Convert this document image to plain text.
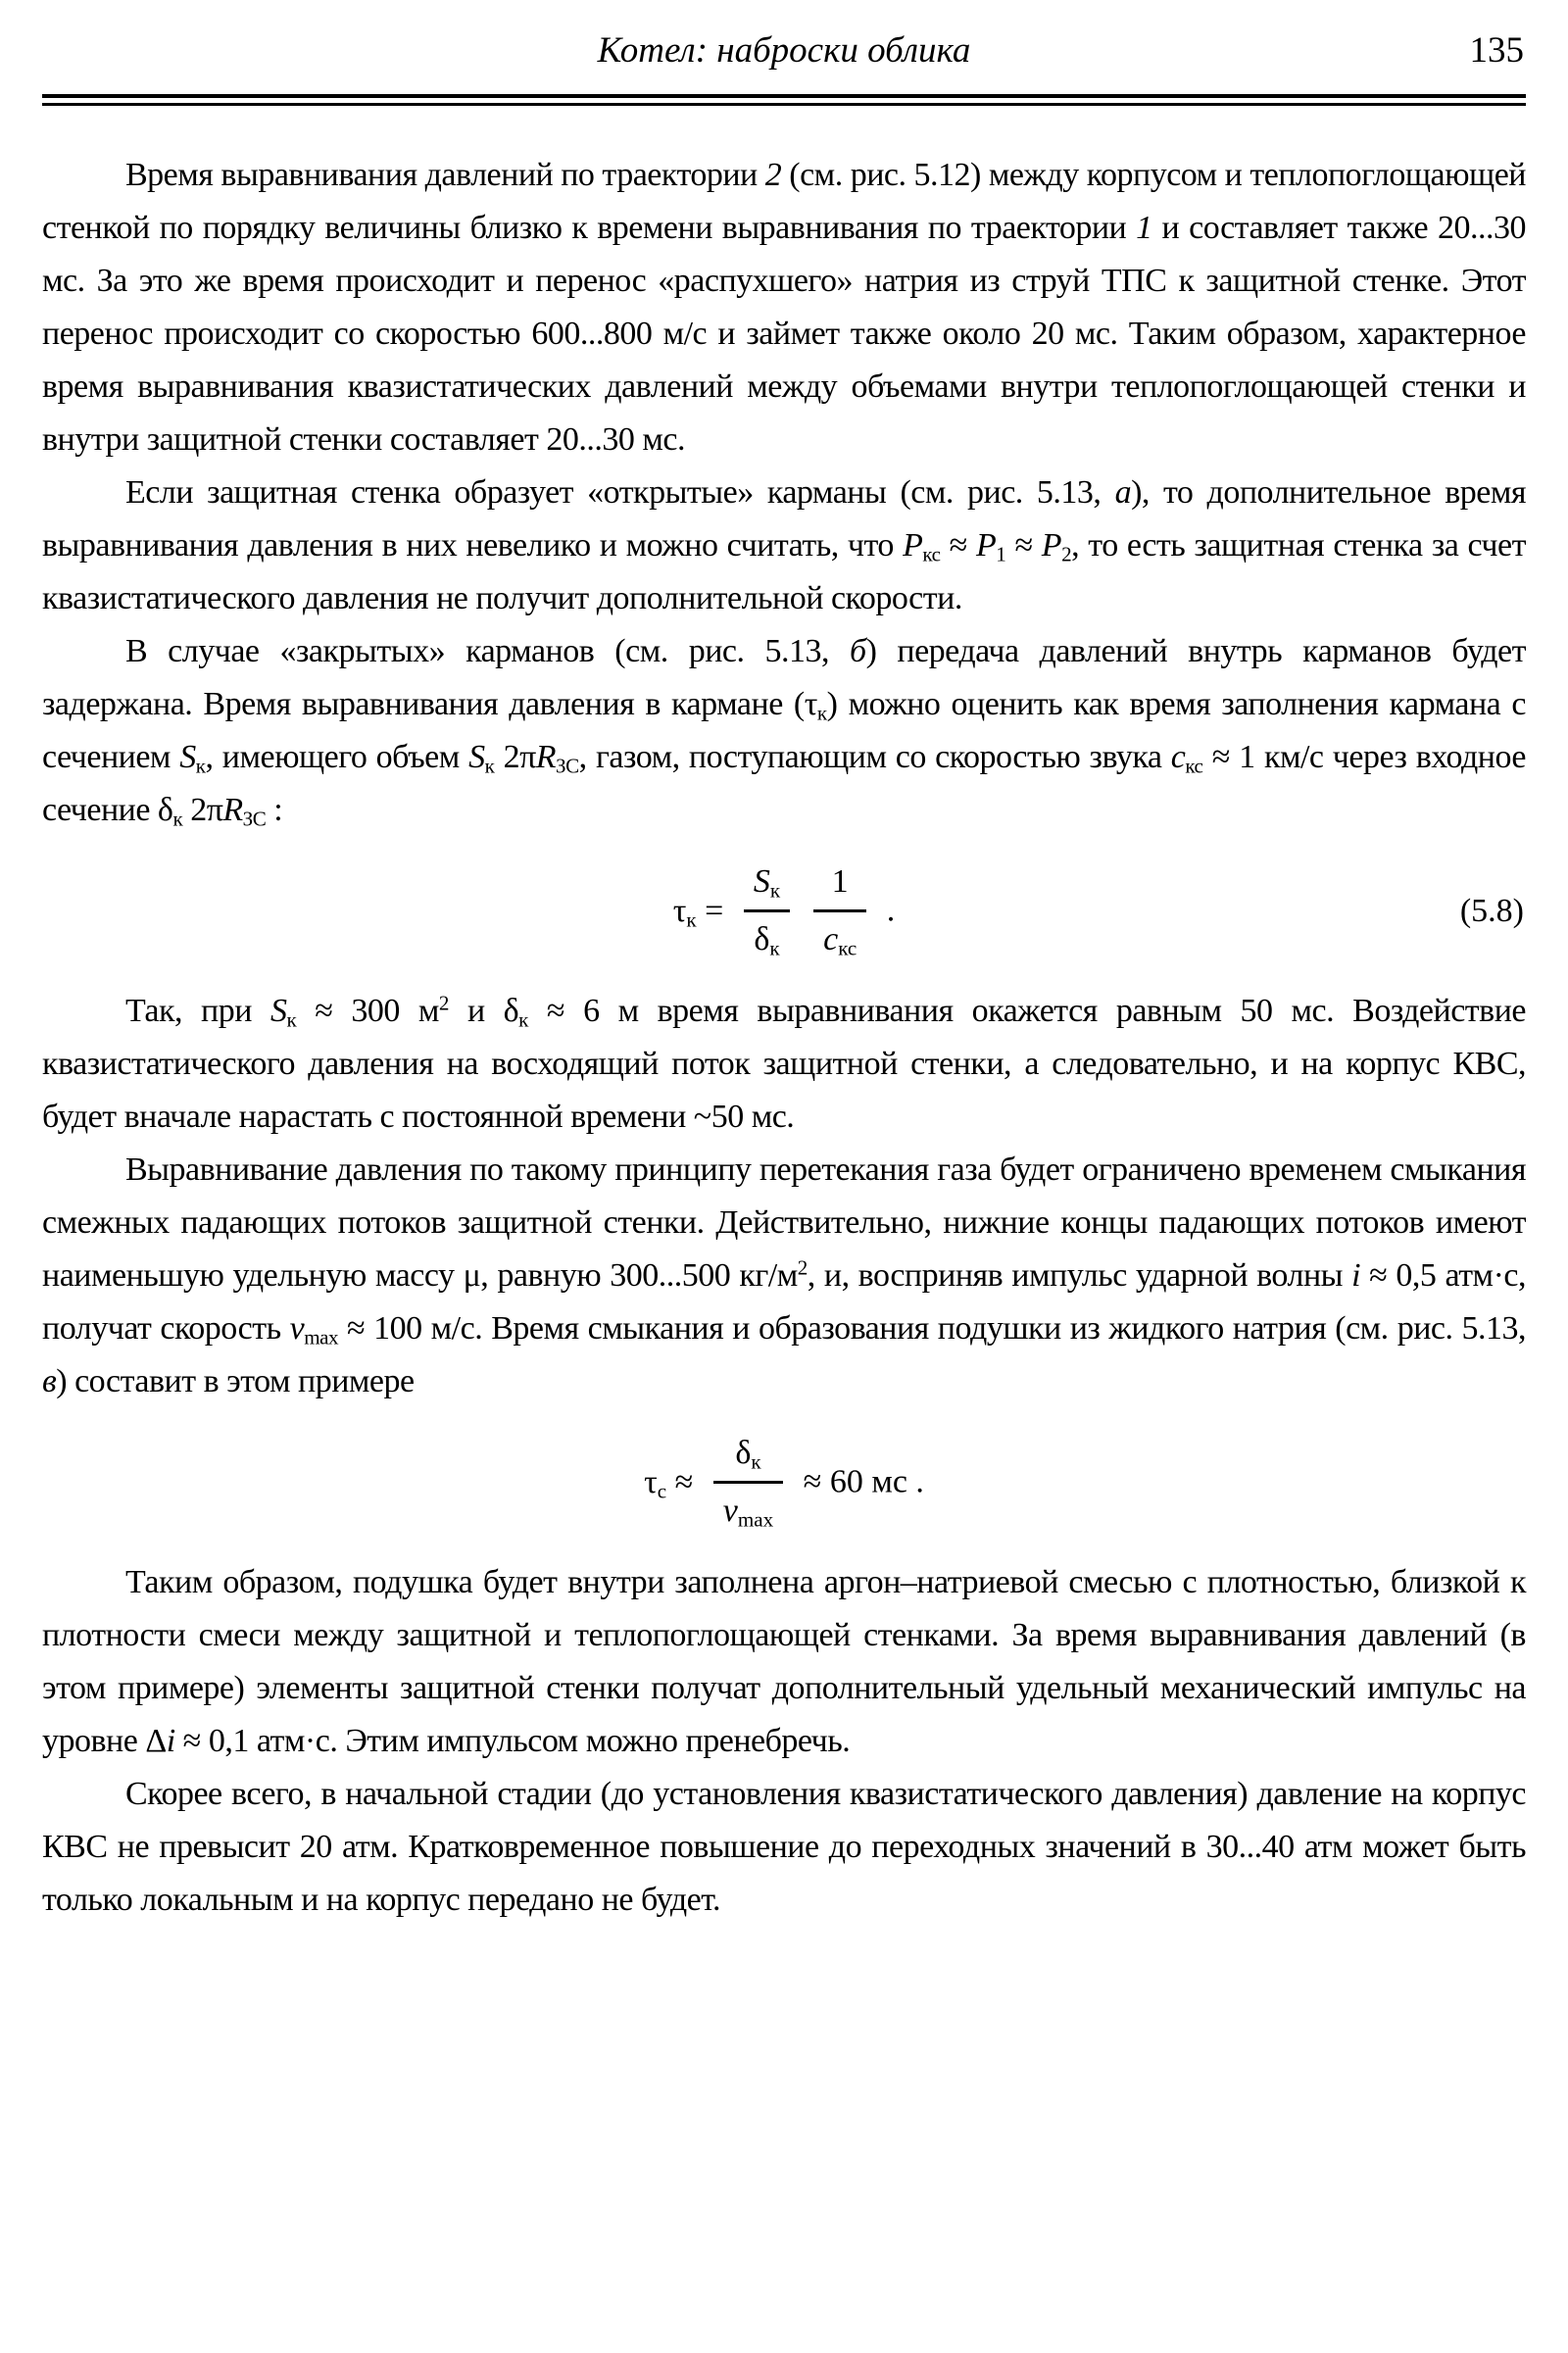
Котел: наброски облика	135

Время выравнивания давлений по траектории 2 (см. рис. 5.12) между корпусом и теплопоглощающей стенкой по порядку величины близко к времени выравнивания по траектории 1 и составляет также 20...30 мс. За это же время происходит и перенос «распухшего» натрия из струй ТПС к защитной стенке. Этот перенос происходит со скоростью 600...800 м/с и займет также около 20 мс. Таким образом, характерное время выравнивания квазистатических давлений между объемами внутри теплопоглощающей стенки и внутри защитной стенки составляет 20...30 мс.

Если защитная стенка образует «открытые» карманы (см. рис. 5.13, а), то дополнительное время выравнивания давления в них невелико и можно считать, что $P_{кс} \approx P_1 \approx P_2$, то есть защитная стенка за счет квазистатического давления не получит дополнительной скорости.

В случае «закрытых» карманов (см. рис. 5.13, б) передача давлений внутрь карманов будет задержана. Время выравнивания давления в кармане $(\tau_к)$ можно оценить как время заполнения кармана с сечением $S_к$, имеющего объем $S_к$ $2\pi R_{ЗС}$, газом, поступающим со скоростью звука $c_{кс} \approx 1$ км/с через входное сечение $\delta_к$ $2\pi R_{ЗС}$ :

$\tau_к = \frac{S_к}{\delta_к} \frac{1}{c_{кс}}$ .	(5.8)

Так, при $S_к \approx 300$ $м^2$ и $\delta_к \approx 6$ м время выравнивания окажется равным 50 мс. Воздействие квазистатического давления на восходящий поток защитной стенки, а следовательно, и на корпус КВС, будет вначале нарастать с постоянной времени ~50 мс.

Выравнивание давления по такому принципу перетекания газа будет ограничено временем смыкания смежных падающих потоков защитной стенки. Действительно, нижние концы падающих потоков имеют наименьшую удельную массу μ, равную 300...500 $кг/м^2$, и, восприняв импульс ударной волны i ≈ 0,5 атм·с, получат скорость $v_{max} \approx 100$ м/с. Время смыкания и образования подушки из жидкого натрия (см. рис. 5.13, в) составит в этом примере

$\tau_с \approx \frac{\delta_к}{v_{max}} \approx 60$ мс .

Таким образом, подушка будет внутри заполнена аргон–натриевой смесью с плотностью, близкой к плотности смеси между защитной и теплопоглощающей стенками. За время выравнивания давлений (в этом примере) элементы защитной стенки получат дополнительный удельный механический импульс на уровне Δi ≈ 0,1 атм·с. Этим импульсом можно пренебречь.

Скорее всего, в начальной стадии (до установления квазистатического давления) давление на корпус КВС не превысит 20 атм. Кратковременное повышение до переходных значений в 30...40 атм может быть только локальным и на корпус передано не будет.
